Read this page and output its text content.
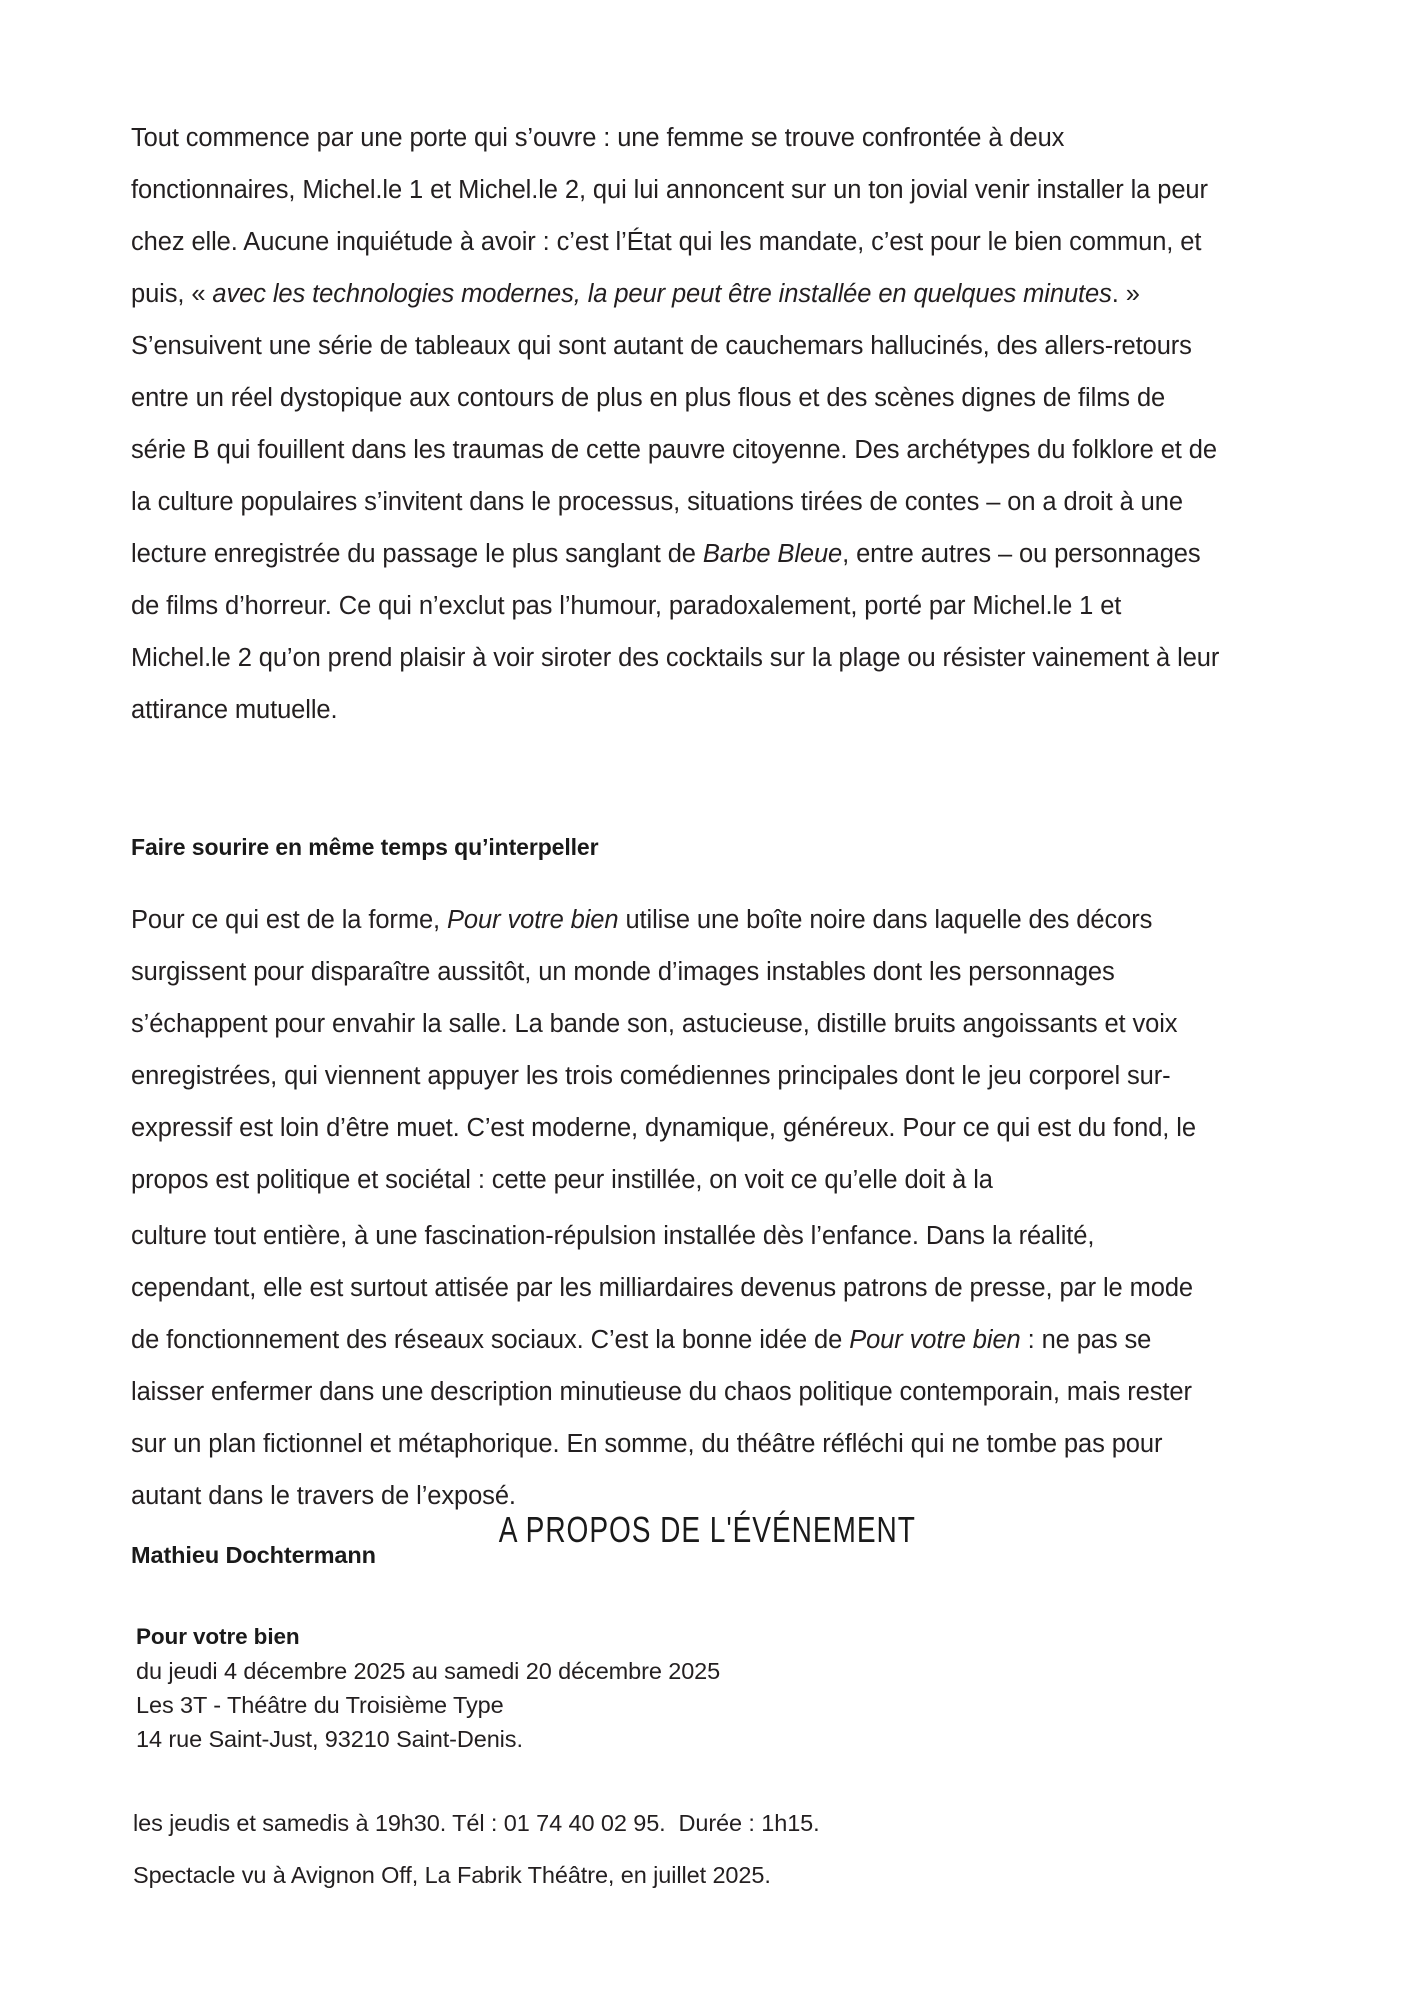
Tout commence par une porte qui s’ouvre : une femme se trouve confrontée à deux fonctionnaires, Michel.le 1 et Michel.le 2, qui lui annoncent sur un ton jovial venir installer la peur chez elle. Aucune inquiétude à avoir : c’est l’État qui les mandate, c’est pour le bien commun, et puis, « avec les technologies modernes, la peur peut être installée en quelques minutes. » S’ensuivent une série de tableaux qui sont autant de cauchemars hallucinés, des allers-retours entre un réel dystopique aux contours de plus en plus flous et des scènes dignes de films de série B qui fouillent dans les traumas de cette pauvre citoyenne. Des archétypes du folklore et de la culture populaires s’invitent dans le processus, situations tirées de contes – on a droit à une lecture enregistrée du passage le plus sanglant de Barbe Bleue, entre autres – ou personnages de films d’horreur. Ce qui n’exclut pas l’humour, paradoxalement, porté par Michel.le 1 et Michel.le 2 qu’on prend plaisir à voir siroter des cocktails sur la plage ou résister vainement à leur attirance mutuelle.

Faire sourire en même temps qu’interpeller

Pour ce qui est de la forme, Pour votre bien utilise une boîte noire dans laquelle des décors surgissent pour disparaître aussitôt, un monde d’images instables dont les personnages s’échappent pour envahir la salle. La bande son, astucieuse, distille bruits angoissants et voix enregistrées, qui viennent appuyer les trois comédiennes principales dont le jeu corporel sur-expressif est loin d’être muet. C’est moderne, dynamique, généreux. Pour ce qui est du fond, le propos est politique et sociétal : cette peur instillée, on voit ce qu’elle doit à la

culture tout entière, à une fascination-répulsion installée dès l’enfance. Dans la réalité, cependant, elle est surtout attisée par les milliardaires devenus patrons de presse, par le mode de fonctionnement des réseaux sociaux. C’est la bonne idée de Pour votre bien : ne pas se laisser enfermer dans une description minutieuse du chaos politique contemporain, mais rester sur un plan fictionnel et métaphorique. En somme, du théâtre réfléchi qui ne tombe pas pour autant dans le travers de l’exposé.

Mathieu Dochtermann

A PROPOS DE L'ÉVÉNEMENT

Pour votre bien

du jeudi 4 décembre 2025 au samedi 20 décembre 2025

Les 3T - Théâtre du Troisième Type

14 rue Saint-Just, 93210 Saint-Denis.

les jeudis et samedis à 19h30. Tél : 01 74 40 02 95.  Durée : 1h15.

Spectacle vu à Avignon Off, La Fabrik Théâtre, en juillet 2025.
